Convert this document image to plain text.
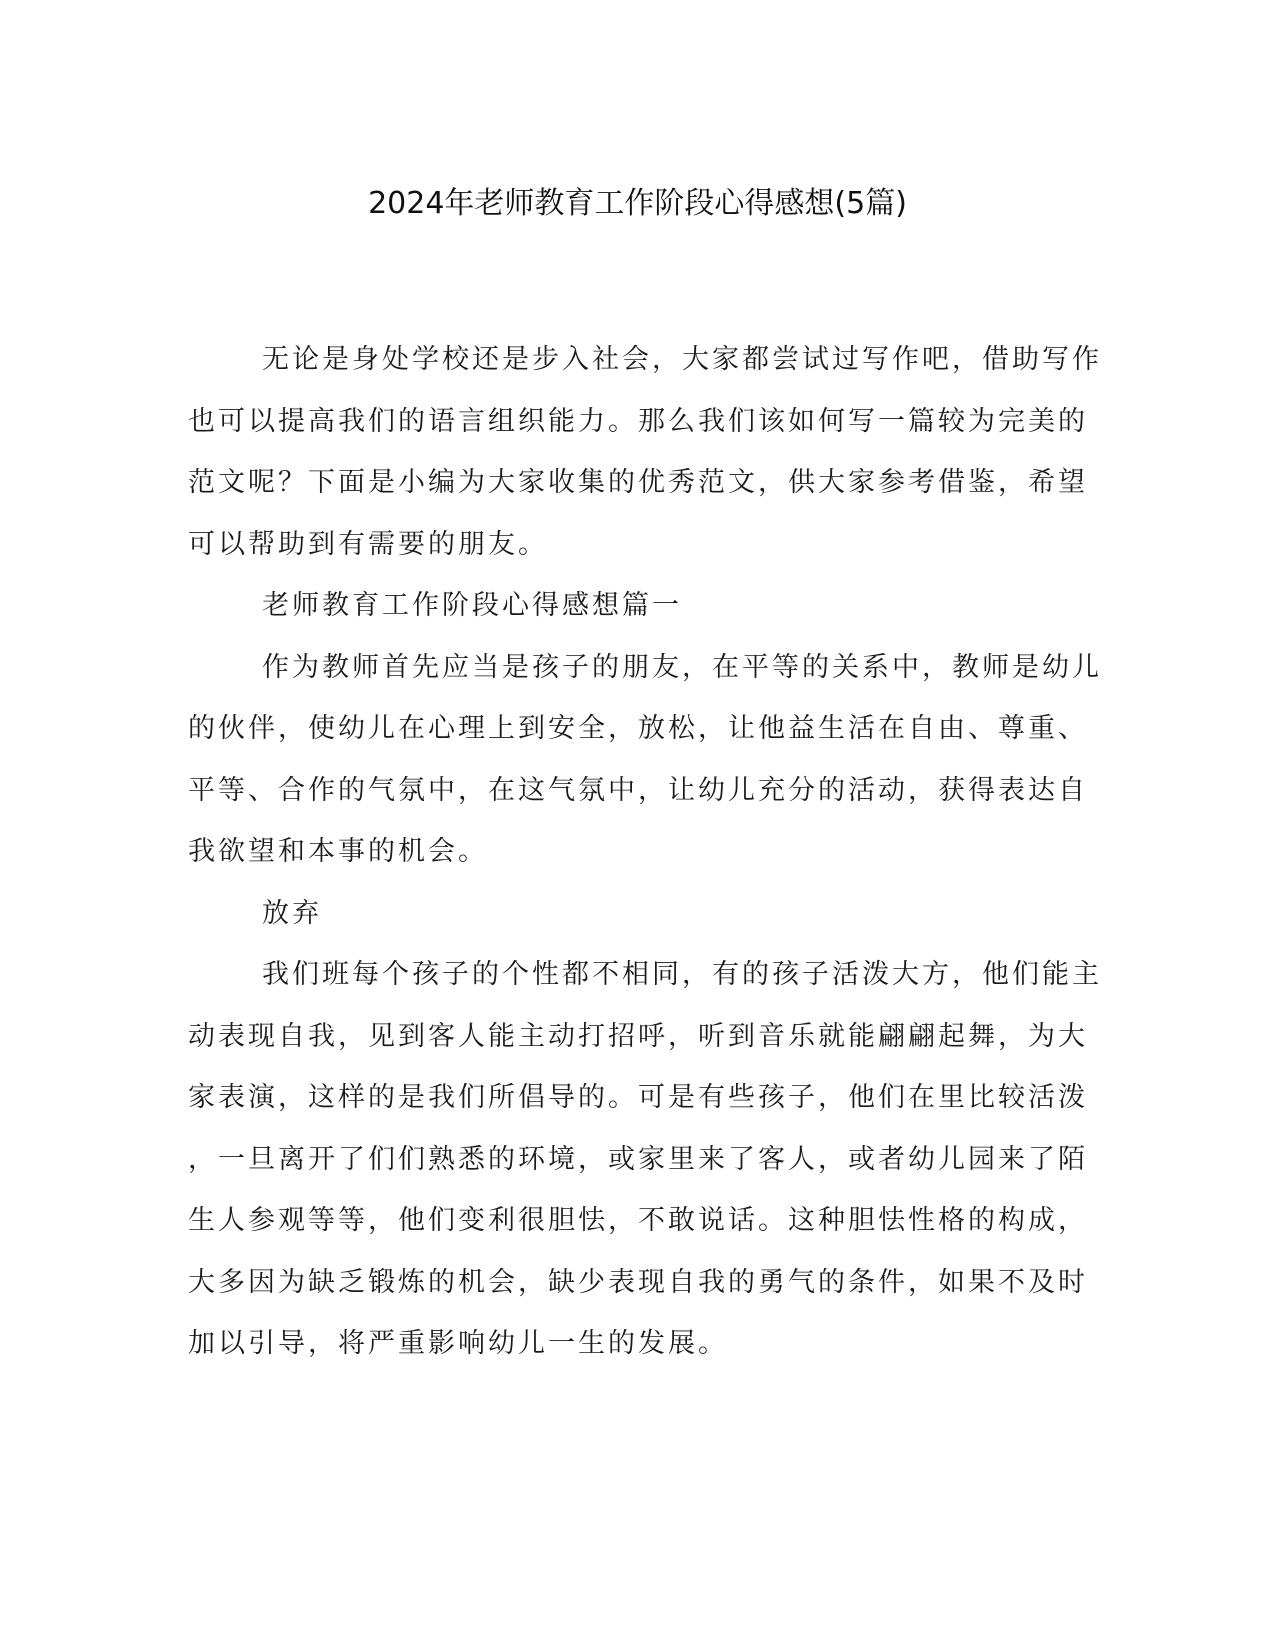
2024年老师教育工作阶段心得感想(5篇)
无论是身处学校还是步入社会，大家都尝试过写作吧，借助写作
也可以提高我们的语言组织能力。那么我们该如何写一篇较为完美的
范文呢？下面是小编为大家收集的优秀范文，供大家参考借鉴，希望
可以帮助到有需要的朋友。
老师教育工作阶段心得感想篇一
作为教师首先应当是孩子的朋友，在平等的关系中，教师是幼儿
的伙伴，使幼儿在心理上到安全，放松，让他益生活在自由、尊重、
平等、合作的气氛中，在这气氛中，让幼儿充分的活动，获得表达自
我欲望和本事的机会。
放弃
我们班每个孩子的个性都不相同，有的孩子活泼大方，他们能主
动表现自我，见到客人能主动打招呼，听到音乐就能翩翩起舞，为大
家表演，这样的是我们所倡导的。可是有些孩子，他们在里比较活泼
，一旦离开了们们熟悉的环境，或家里来了客人，或者幼儿园来了陌
生人参观等等，他们变利很胆怯，不敢说话。这种胆怯性格的构成，
大多因为缺乏锻炼的机会，缺少表现自我的勇气的条件，如果不及时
加以引导，将严重影响幼儿一生的发展。
